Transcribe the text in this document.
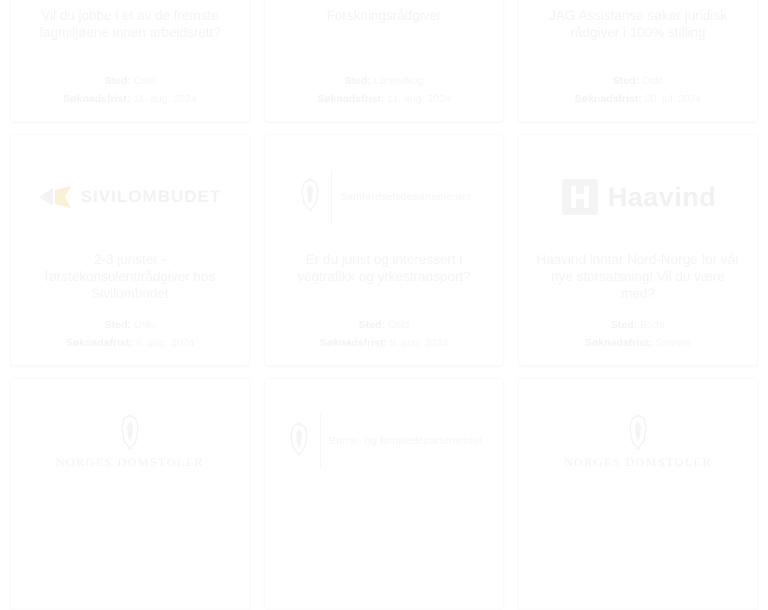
Vil du jobbe i et av de fremste fagmiljøene innen arbeidsrett?
Sted: Oslo
Søknadsfrist: 11. aug. 2024
Forskningsrådgiver
Sted: Lørenskog
Søknadsfrist: 11. aug. 2024
JAG Assistanse søker juridisk rådgiver i 100% stilling
Sted: Oslo
Søknadsfrist: 20. juli 2024
SIVILOMBUDET
2-3 jurister - førstekonsulent/rådgiver hos Sivilombudet
Sted: Oslo
Søknadsfrist: 6. aug. 2024
Samferdselsdepartementet
Er du jurist og interessert i vegtrafikk og yrkestransport?
Sted: Oslo
Søknadsfrist: 9. aug. 2024
Haavind
Haavind inntar Nord-Norge for vår nye storsatsning! Vil du være med?
Sted: Bodø
Søknadsfrist: Snarest
NORGES DOMSTOLER
Barne- og familiedepartementet
NORGES DOMSTOLER
